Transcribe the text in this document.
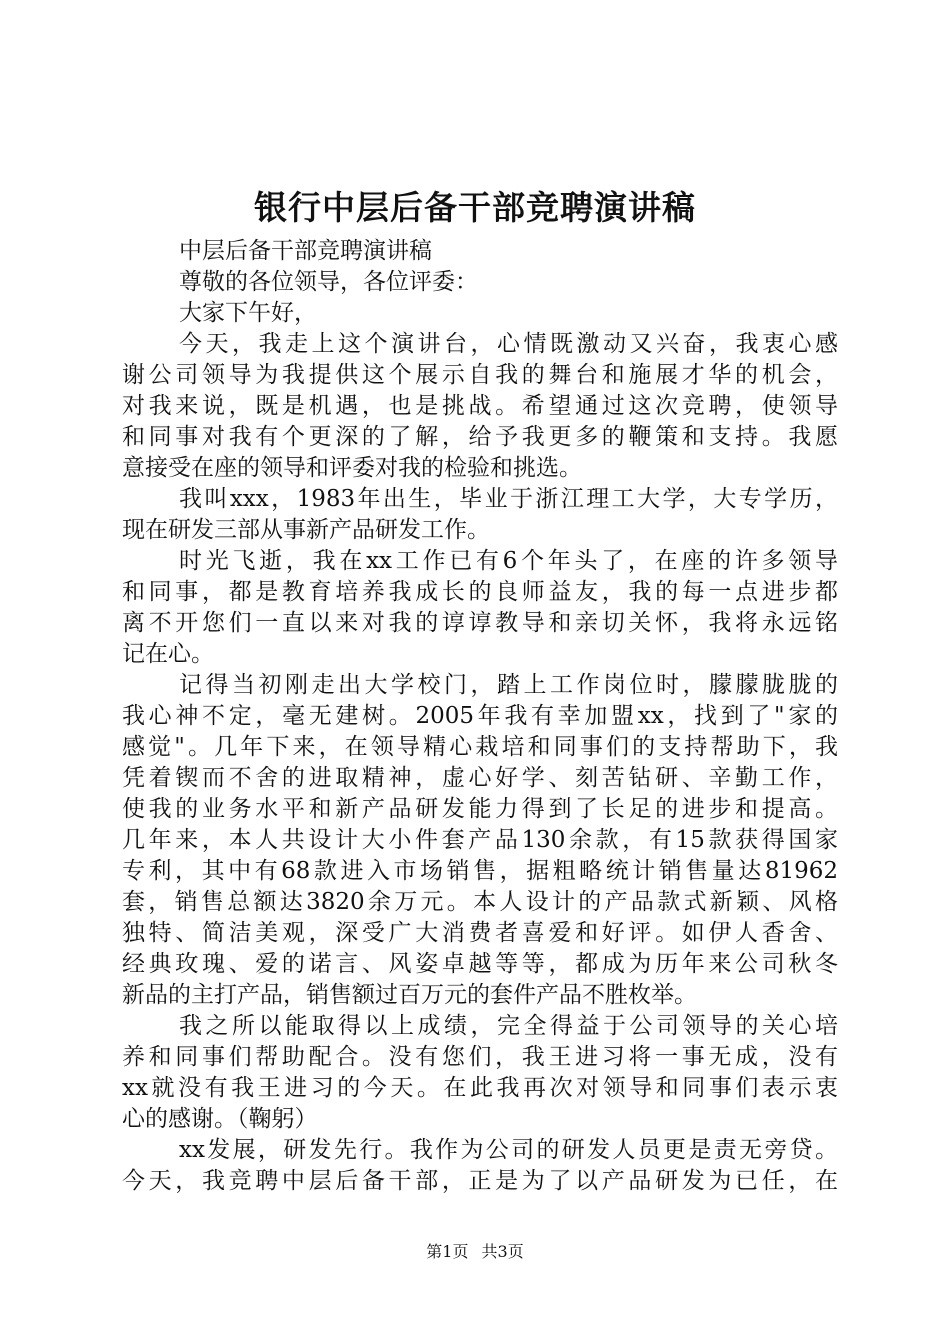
银行中层后备干部竞聘演讲稿
中层后备干部竞聘演讲稿
尊敬的各位领导，各位评委：
大家下午好，
今天，我走上这个演讲台，心情既激动又兴奋，我衷心感
谢公司领导为我提供这个展示自我的舞台和施展才华的机会，
对我来说，既是机遇，也是挑战。希望通过这次竞聘，使领导
和同事对我有个更深的了解，给予我更多的鞭策和支持。我愿
意接受在座的领导和评委对我的检验和挑选。
我叫xxx，1983年出生，毕业于浙江理工大学，大专学历，
现在研发三部从事新产品研发工作。
时光飞逝，我在xx工作已有6个年头了，在座的许多领导
和同事，都是教育培养我成长的良师益友，我的每一点进步都
离不开您们一直以来对我的谆谆教导和亲切关怀，我将永远铭
记在心。
记得当初刚走出大学校门，踏上工作岗位时，朦朦胧胧的
我心神不定，毫无建树。2005年我有幸加盟xx，找到了"家的
感觉"。几年下来，在领导精心栽培和同事们的支持帮助下，我
凭着锲而不舍的进取精神，虚心好学、刻苦钻研、辛勤工作，
使我的业务水平和新产品研发能力得到了长足的进步和提高。
几年来，本人共设计大小件套产品130余款，有15款获得国家
专利，其中有68款进入市场销售，据粗略统计销售量达81962
套，销售总额达3820余万元。本人设计的产品款式新颖、风格
独特、简洁美观，深受广大消费者喜爱和好评。如伊人香舍、
经典玫瑰、爱的诺言、风姿卓越等等，都成为历年来公司秋冬
新品的主打产品，销售额过百万元的套件产品不胜枚举。
我之所以能取得以上成绩，完全得益于公司领导的关心培
养和同事们帮助配合。没有您们，我王进习将一事无成，没有
xx就没有我王进习的今天。在此我再次对领导和同事们表示衷
心的感谢。（鞠躬）
xx发展，研发先行。我作为公司的研发人员更是责无旁贷。
今天，我竞聘中层后备干部，正是为了以产品研发为已任，在
第1页 共3页
